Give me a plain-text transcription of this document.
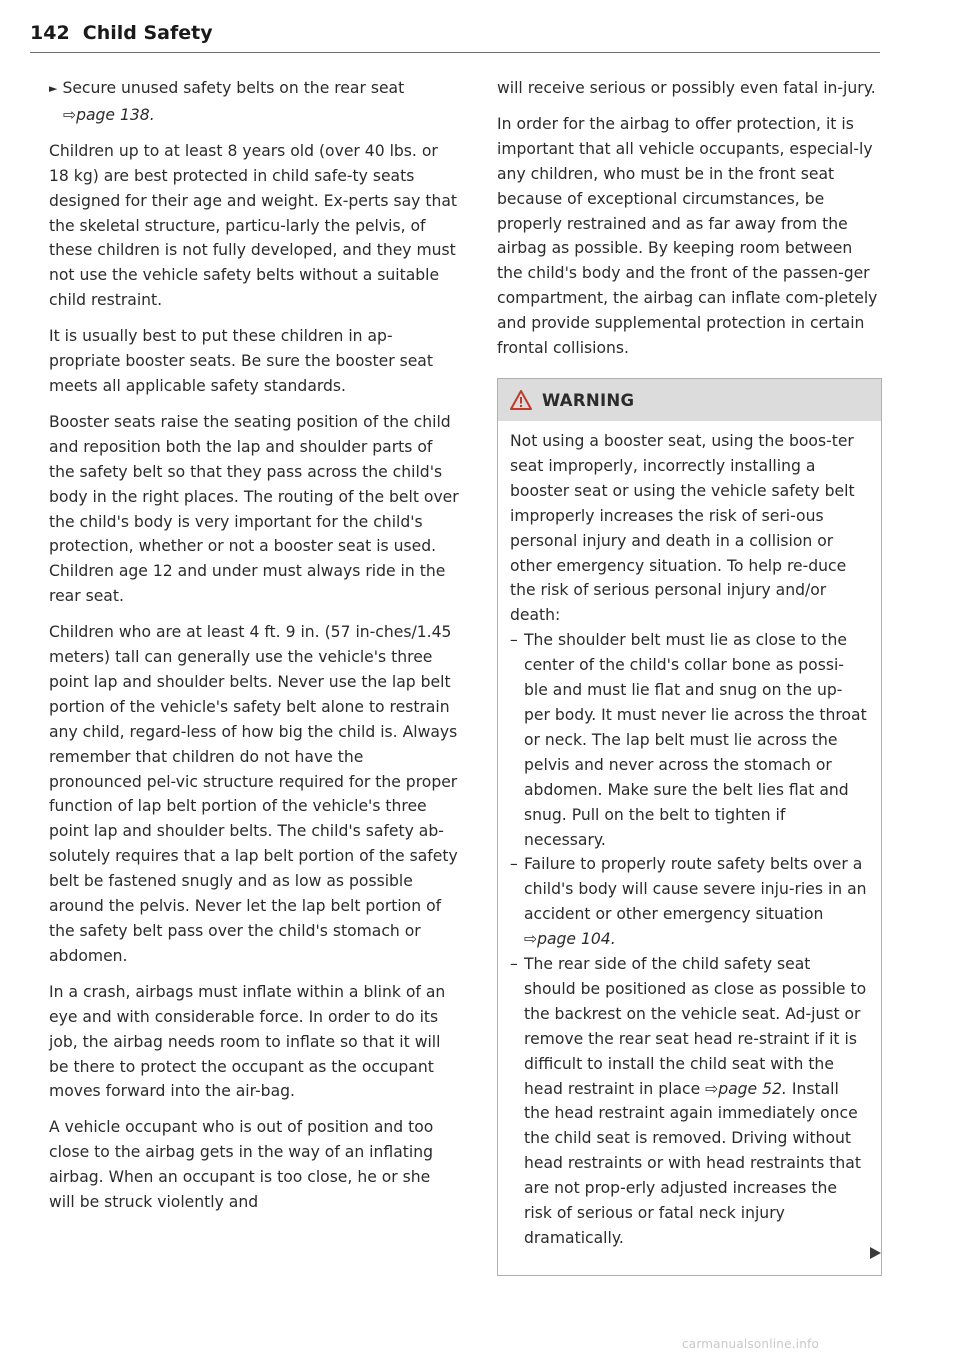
142 Child Safety
► Secure unused safety belts on the rear seat
⇨page 138.

Children up to at least 8 years old (over 40 lbs. or 18 kg) are best protected in child safe-ty seats designed for their age and weight. Ex-perts say that the skeletal structure, particu-larly the pelvis, of these children is not fully developed, and they must not use the vehicle safety belts without a suitable child restraint.

It is usually best to put these children in ap-propriate booster seats. Be sure the booster seat meets all applicable safety standards.

Booster seats raise the seating position of the child and reposition both the lap and shoulder parts of the safety belt so that they pass across the child's body in the right places. The routing of the belt over the child's body is very important for the child's protection, whether or not a booster seat is used. Children age 12 and under must always ride in the rear seat.

Children who are at least 4 ft. 9 in. (57 in-ches/1.45 meters) tall can generally use the vehicle's three point lap and shoulder belts. Never use the lap belt portion of the vehicle's safety belt alone to restrain any child, regard-less of how big the child is. Always remember that children do not have the pronounced pel-vic structure required for the proper function of lap belt portion of the vehicle's three point lap and shoulder belts. The child's safety ab-solutely requires that a lap belt portion of the safety belt be fastened snugly and as low as possible around the pelvis. Never let the lap belt portion of the safety belt pass over the child's stomach or abdomen.

In a crash, airbags must inflate within a blink of an eye and with considerable force. In order to do its job, the airbag needs room to inflate so that it will be there to protect the occupant as the occupant moves forward into the air-bag.

A vehicle occupant who is out of position and too close to the airbag gets in the way of an inflating airbag. When an occupant is too close, he or she will be struck violently and

will receive serious or possibly even fatal in-jury.

In order for the airbag to offer protection, it is important that all vehicle occupants, especial-ly any children, who must be in the front seat because of exceptional circumstances, be properly restrained and as far away from the airbag as possible. By keeping room between the child's body and the front of the passen-ger compartment, the airbag can inflate com-pletely and provide supplemental protection in certain frontal collisions.

WARNING

Not using a booster seat, using the boos-ter seat improperly, incorrectly installing a booster seat or using the vehicle safety belt improperly increases the risk of seri-ous personal injury and death in a collision or other emergency situation. To help re-duce the risk of serious personal injury and/or death:

– The shoulder belt must lie as close to the center of the child's collar bone as possi-ble and must lie flat and snug on the up-per body. It must never lie across the throat or neck. The lap belt must lie across the pelvis and never across the stomach or abdomen. Make sure the belt lies flat and snug. Pull on the belt to tighten if necessary.
– Failure to properly route safety belts over a child's body will cause severe inju-ries in an accident or other emergency situation ⇨page 104.
– The rear side of the child safety seat should be positioned as close as possible to the backrest on the vehicle seat. Ad-just or remove the rear seat head re-straint if it is difficult to install the child seat with the head restraint in place ⇨page 52. Install the head restraint again immediately once the child seat is removed. Driving without head restraints or with head restraints that are not prop-erly adjusted increases the risk of serious or fatal neck injury dramatically.
carmanualsonline.info
